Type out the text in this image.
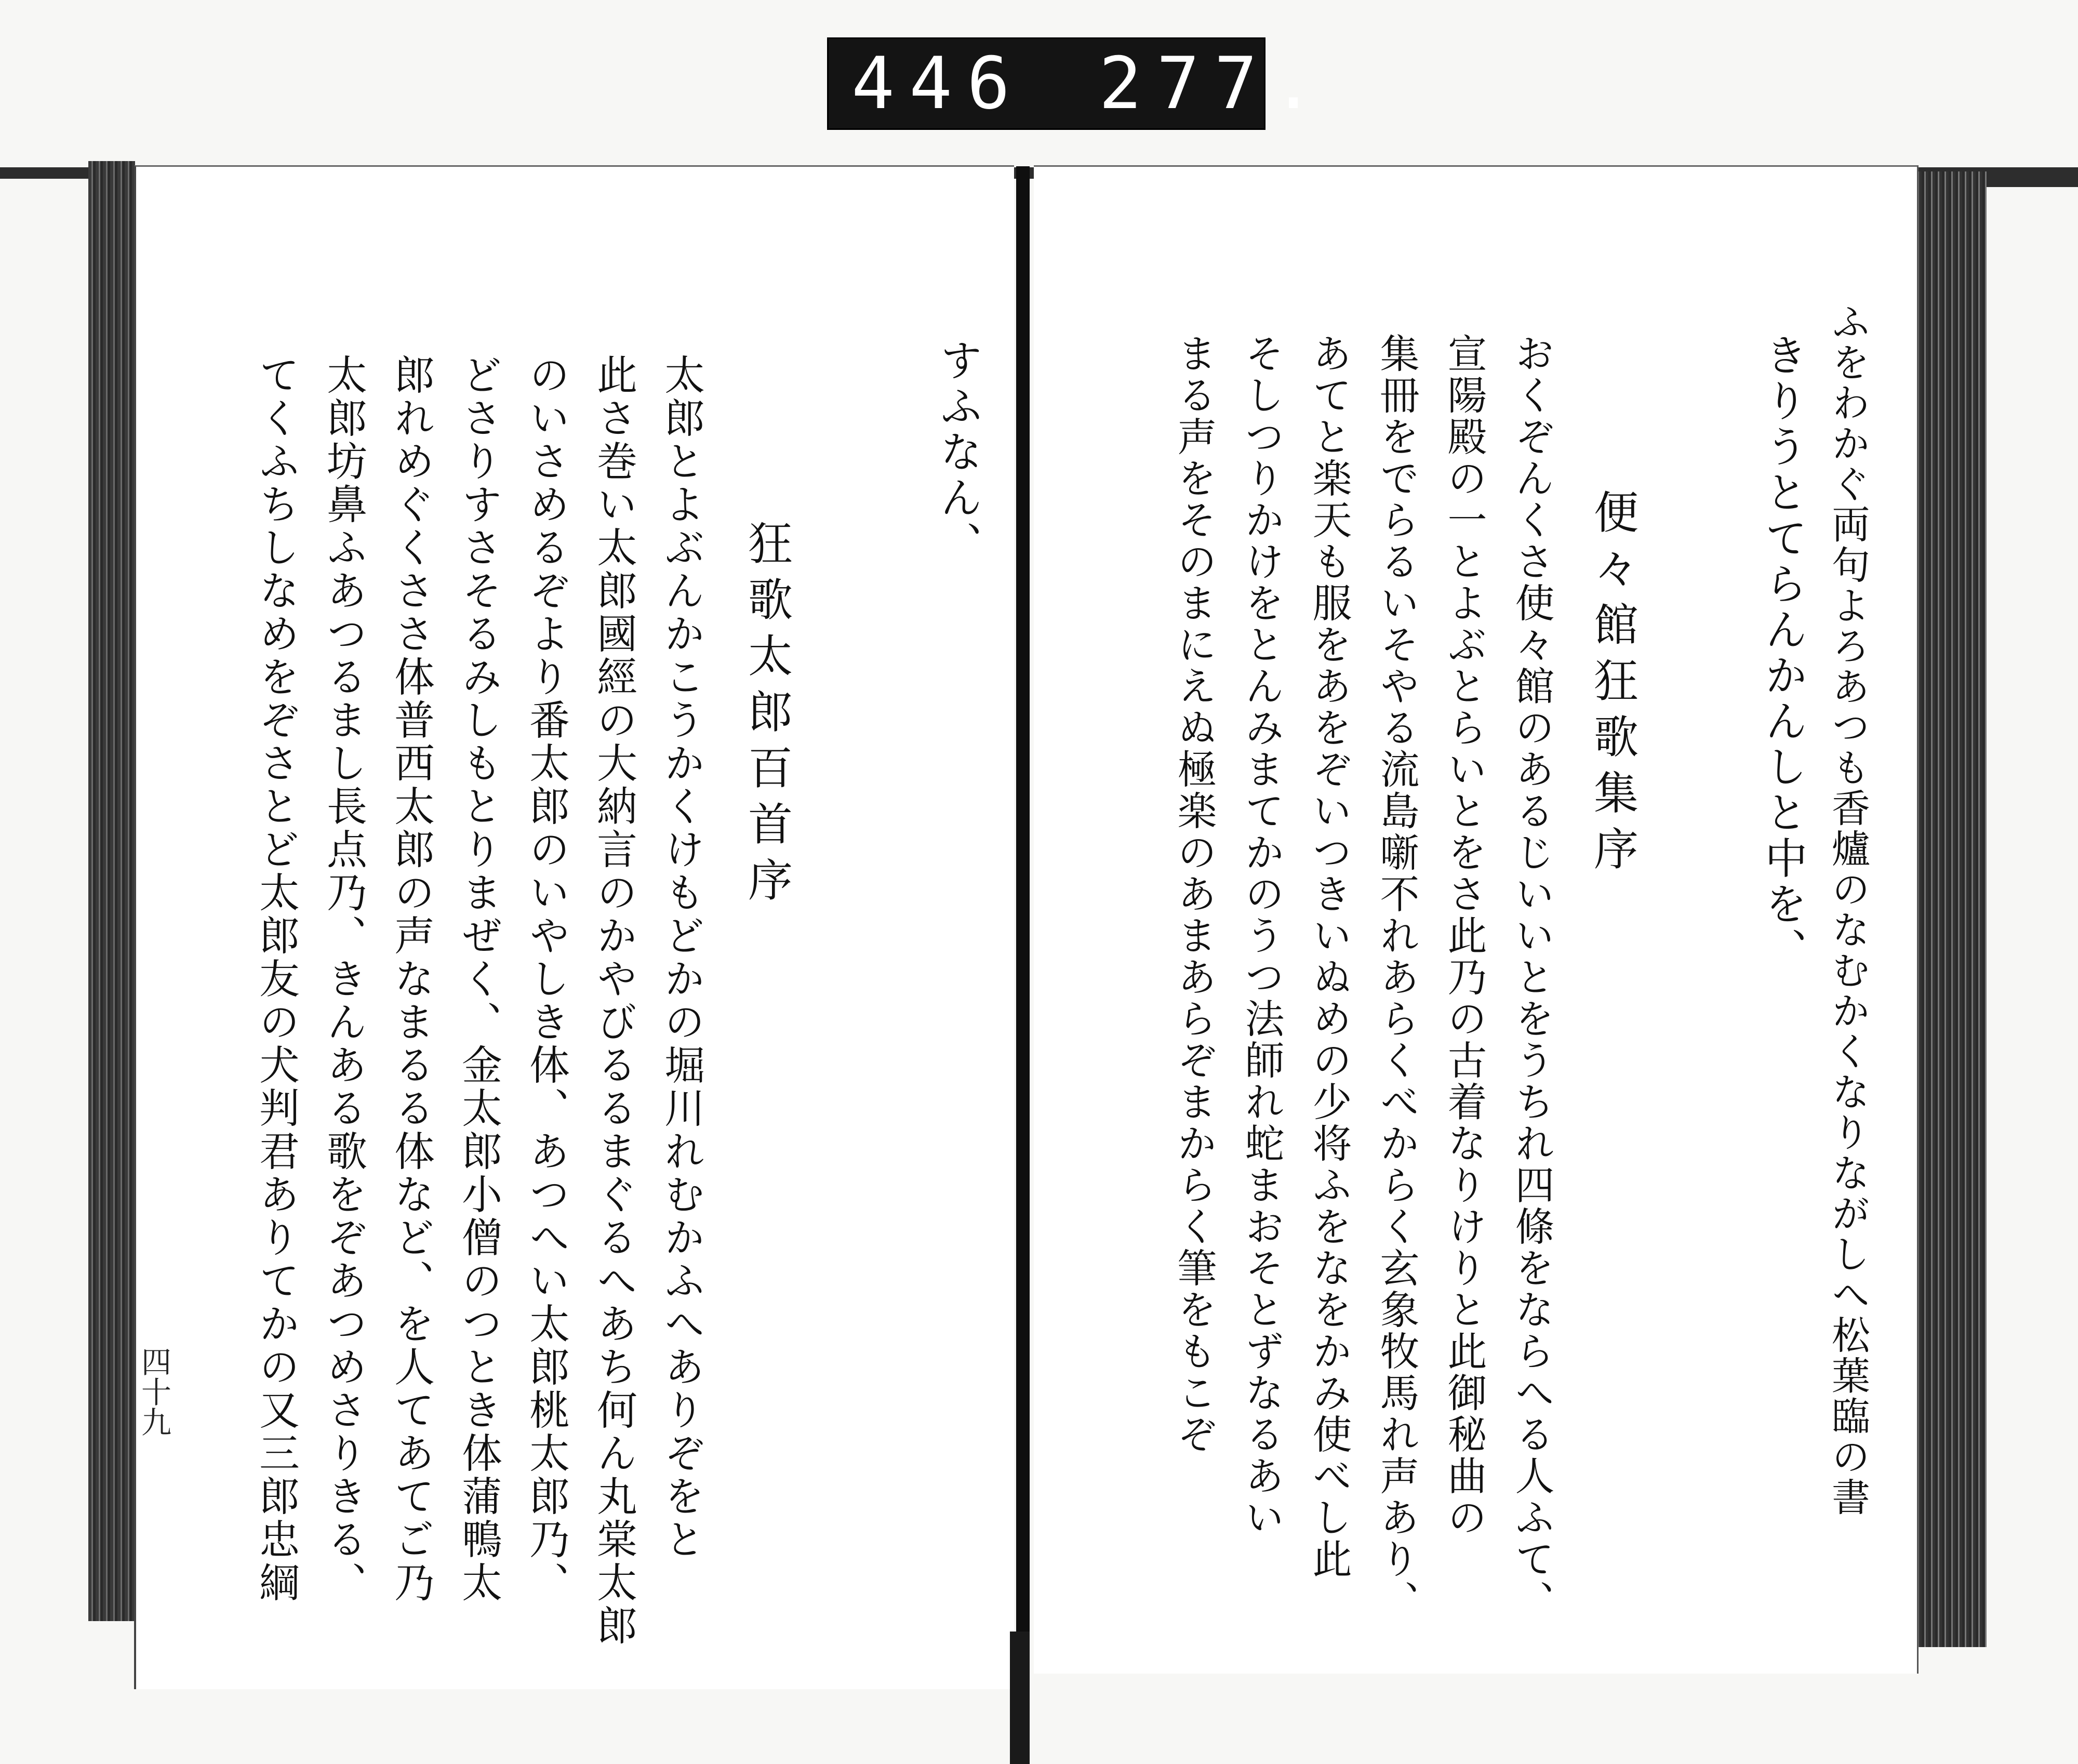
446 277.
すふなん、
狂歌太郎百首序
太郎とよぶんかこうかくけもどかの堀川れむかふへありぞをと
此さ巻い太郎國經の大納言のかやびるるまぐるへあち何ん丸棠太郎
のいさめるぞより番太郎のいやしき体、あつへい太郎桃太郎乃、
どさりすさそるみしもとりまぜく、金太郎小僧のつとき体蒲鴨太
郎れめぐくささ体普西太郎の声なまるる体など、を人てあてご乃
太郎坊鼻ふあつるまし長点乃、きんある歌をぞあつめさりきる、
てくふちしなめをぞさとど太郎友の犬判君ありてかの又三郎忠綱
四十九	ふをわかぐ両句よろあつも香爐のなむかくなりながしへ松葉臨の書
きりうとてらんかんしと中を、
便々館狂歌集序
おくぞんくさ使々館のあるじいいとをうちれ四條をならへる人ふて、
宣陽殿の一とよぶとらいとをさ此乃の古着なりけりと此御秘曲の
集冊をでらるいそやる流島噺不れあらくべからく玄象牧馬れ声あり、
あてと楽天も服をあをぞいつきいぬめの少将ふをなをかみ使べし此
そしつりかけをとんみまてかのうつ法師れ蛇まおそとずなるあい
まる声をそのまにえぬ極楽のあまあらぞまからく筆をもこぞ
